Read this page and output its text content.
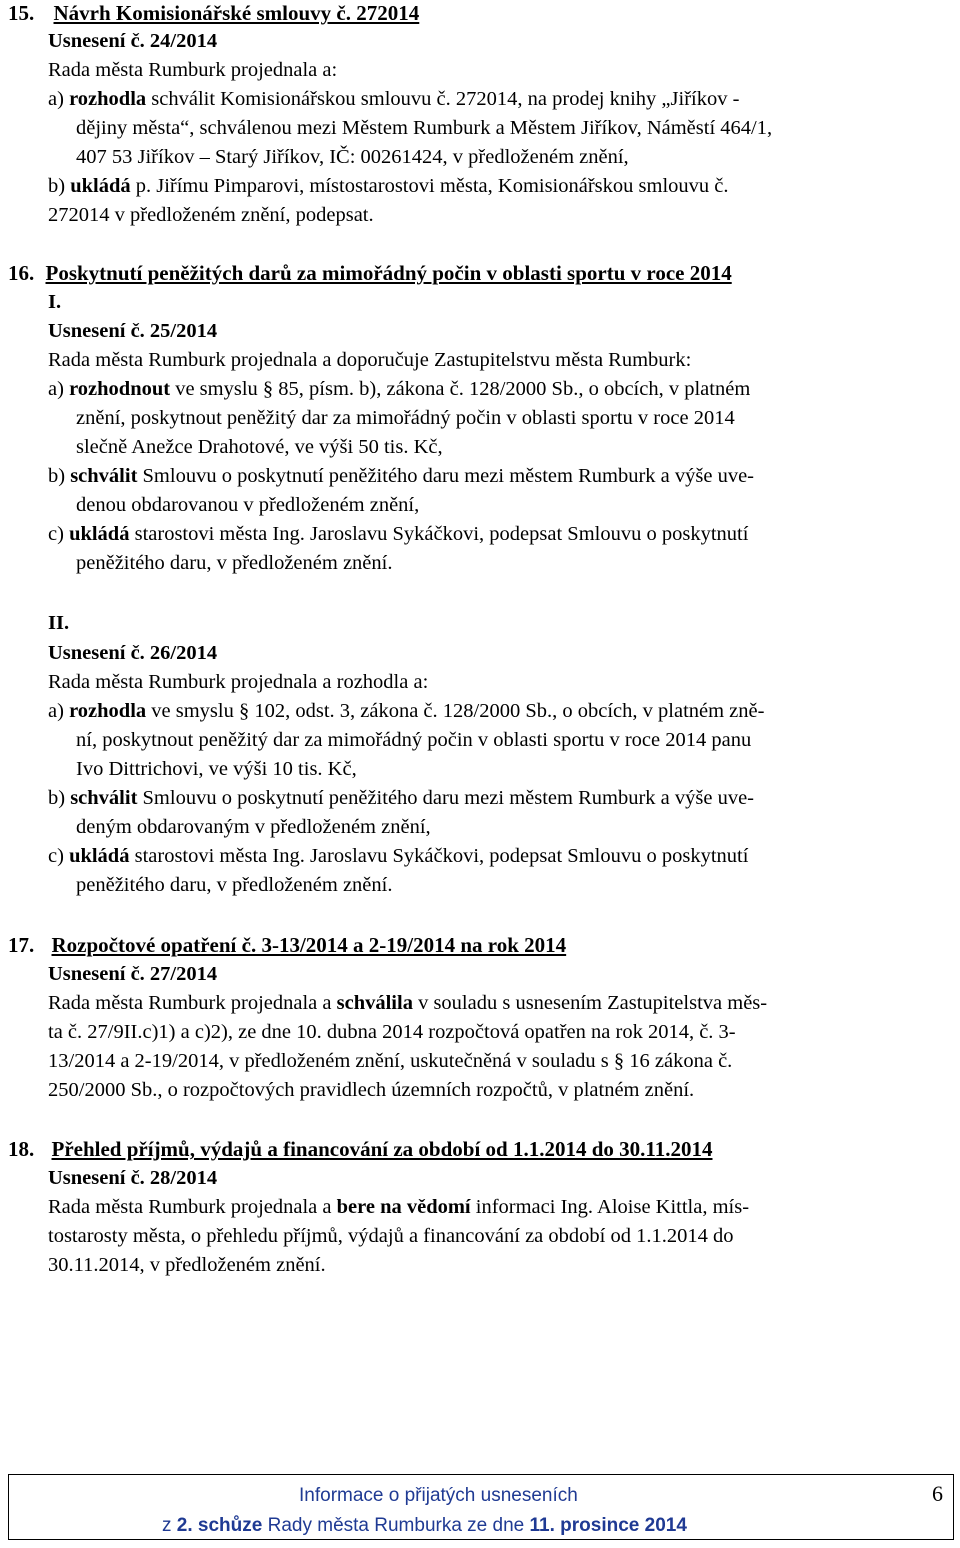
15. Návrh Komisionářské smlouvy č. 272014
Usnesení č. 24/2014
Rada města Rumburk projednala a:
a) rozhodla schválit Komisionářskou smlouvu č. 272014, na prodej knihy „Jiříkov -
dějiny města“, schválenou mezi Městem Rumburk a Městem Jiříkov, Náměstí 464/1,
407 53 Jiříkov – Starý Jiříkov, IČ: 00261424, v předloženém znění,
b) ukládá p. Jiřímu Pimparovi, místostarostovi města, Komisionářskou smlouvu č.
272014 v předloženém znění, podepsat.
16. Poskytnutí peněžitých darů za mimořádný počin v oblasti sportu v roce 2014
I.
Usnesení č. 25/2014
Rada města Rumburk projednala a doporučuje Zastupitelstvu města Rumburk:
a) rozhodnout ve smyslu § 85, písm. b), zákona č. 128/2000 Sb., o obcích, v platném
znění, poskytnout peněžitý dar za mimořádný počin v oblasti sportu v roce 2014
slečně Anežce Drahotové, ve výši 50 tis. Kč,
b) schválit Smlouvu o poskytnutí peněžitého daru mezi městem Rumburk a výše uve-
denou obdarovanou v předloženém znění,
c) ukládá starostovi města Ing. Jaroslavu Sykáčkovi, podepsat Smlouvu o poskytnutí
peněžitého daru, v předloženém znění.
II.
Usnesení č. 26/2014
Rada města Rumburk projednala a rozhodla a:
a) rozhodla ve smyslu § 102, odst. 3, zákona č. 128/2000 Sb., o obcích, v platném zně-
ní, poskytnout peněžitý dar za mimořádný počin v oblasti sportu v roce 2014 panu
Ivo Dittrichovi, ve výši 10 tis. Kč,
b) schválit Smlouvu o poskytnutí peněžitého daru mezi městem Rumburk a výše uve-
deným obdarovaným v předloženém znění,
c) ukládá starostovi města Ing. Jaroslavu Sykáčkovi, podepsat Smlouvu o poskytnutí
peněžitého daru, v předloženém znění.
17. Rozpočtové opatření č. 3-13/2014 a 2-19/2014 na rok 2014
Usnesení č. 27/2014
Rada města Rumburk projednala a schválila v souladu s usnesením Zastupitelstva měs-
ta č. 27/9II.c)1) a c)2), ze dne 10. dubna 2014 rozpočtová opatřen na rok 2014, č. 3-
13/2014 a 2-19/2014, v předloženém znění, uskutečněná v souladu s § 16 zákona č.
250/2000 Sb., o rozpočtových pravidlech územních rozpočtů, v platném znění.
18. Přehled příjmů, výdajů a financování za období od 1.1.2014 do 30.11.2014
Usnesení č. 28/2014
Rada města Rumburk projednala a bere na vědomí informaci Ing. Aloise Kittla, mís-
tostarosty města, o přehledu příjmů, výdajů a financování za období od 1.1.2014 do
30.11.2014, v předloženém znění.
Informace o přijatých usneseních
z 2. schůze Rady města Rumburka ze dne 11. prosince 2014
6
